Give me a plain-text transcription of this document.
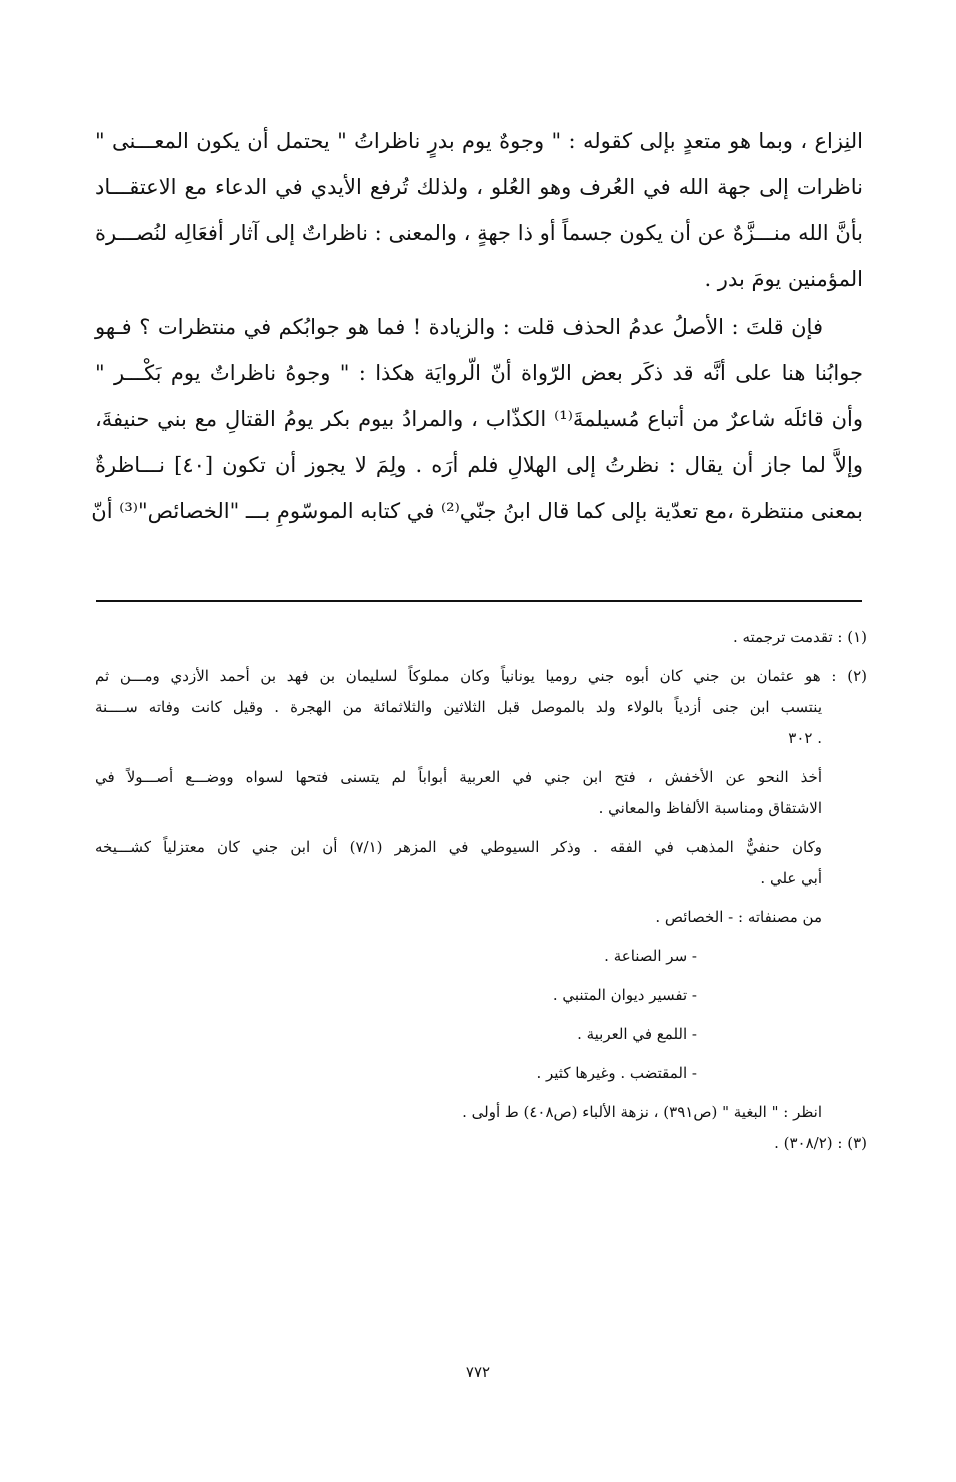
النِزاع ، وبما هو متعدٍ بإلى كقوله : " وجوهٌ يوم بدرٍ ناظراتُ " يحتمل أن يكون المعـــنى "
ناظرات إلى جهة الله في العُرف وهو العُلو ، ولذلك تُرفع الأيدي في الدعاء مع الاعتقـــاد
بأنَّ الله منـــزَّهٌ عن أن يكون جسماً أو ذا جهةٍ ، والمعنى : ناظراتٌ إلى آثار أفعَالِه لنُصـــرة
المؤمنين يومَ بدر .
فإن قلتَ : الأصلُ عدمُ الحذف قلت : والزيادة ! فما هو جوابُكم في منتظرات ؟ فـهو
جوابُنا هنا على أنَّه قد ذكَر بعض الرّواة أنّ الّروايَة هكذا : " وجوهُ ناظراتٌ يوم بَكْـــر "
وأن قائلَه شاعرٌ من أتباع مُسيلمةَ⁽¹⁾ الكذّاب ، والمرادُ بيوم بكر يومُ القتالِ مع بني حنيفةَ،
وإلاَّ لما جاز أن يقال : نظرتُ إلى الهلالِ فلم أرَه . ولِمَ لا يجوز أن تكون [٤٠] نـــاظرةٌ
بمعنى منتظرة ،مع تعدّية بإلى كما قال ابنُ جنّي⁽²⁾ في كتابه الموسّومِ بـــ "الخصائص"⁽³⁾ أنّ
(١) : تقدمت ترجمته .
(٢) : هو عثمان بن جني كان أبوه جني روميا يونانياً وكان مملوكاً لسليمان بن فهد بن أحمد الأزدي ومـــن ثم
ينتسب ابن جنى أزدياً بالولاء ولد بالموصل قبل الثلاثين والثلاثمائة من الهجرة . وقيل كانت وفاته ســــنة
. ٣٠٢
أخذ النحو عن الأخفش ، فتح ابن جني في العربية أبواباً لم يتسنى فتحها لسواه ووضـــع أصـــولاً في
الاشتقاق ومناسبة الألفاظ والمعاني .
وكان حنفيٌّ المذهب في الفقه . وذكر السيوطي في المزهر (٧/١) أن ابن جني كان معتزلياً كشـــيخه
أبي علي .
من مصنفاته : - الخصائص .
- سر الصناعة .
- تفسير ديوان المتنبي .
- اللمع في العربية .
- المقتضب . وغيرها كثير .
انظر : " البغية " (ص٣٩١) ، نزهة الألباء (ص٤٠٨) ط أولى .
(٣) : (٣٠٨/٢) .
٧٧٢
